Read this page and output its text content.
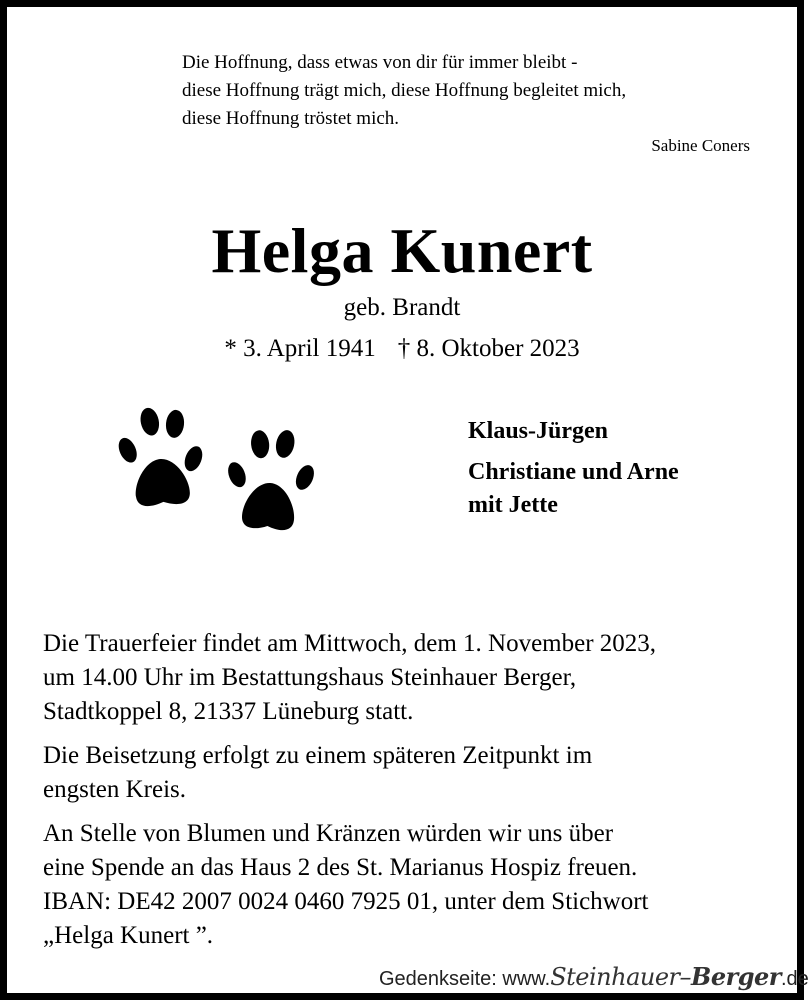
Die Hoffnung, dass etwas von dir für immer bleibt -
diese Hoffnung trägt mich, diese Hoffnung begleitet mich,
diese Hoffnung tröstet mich.
Sabine Coners
Helga Kunert
geb. Brandt
* 3. April 1941 † 8. Oktober 2023
Klaus-Jürgen
Christiane und Arne
mit Jette
Die Trauerfeier findet am Mittwoch, dem 1. November 2023,
um 14.00 Uhr im Bestattungshaus Steinhauer Berger,
Stadtkoppel 8, 21337 Lüneburg statt.
Die Beisetzung erfolgt zu einem späteren Zeitpunkt im
engsten Kreis.
An Stelle von Blumen und Kränzen würden wir uns über
eine Spende an das Haus 2 des St. Marianus Hospiz freuen.
IBAN: DE42 2007 0024 0460 7925 01, unter dem Stichwort
„Helga Kunert ”.
Gedenkseite: www.Steinhauer–Berger.de
